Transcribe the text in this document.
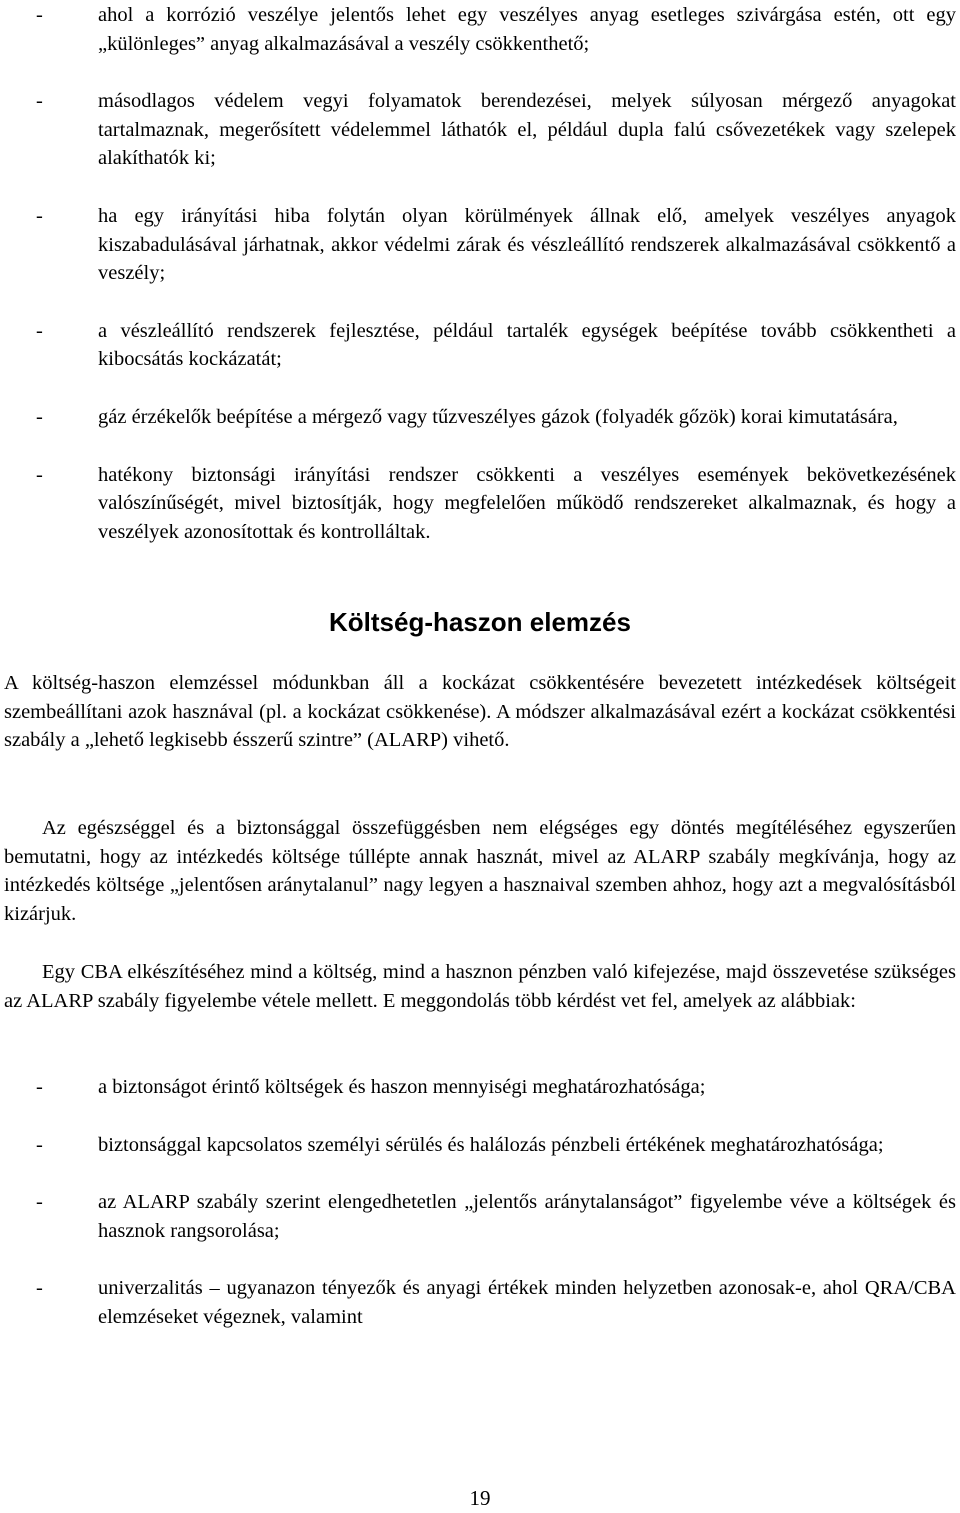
-	ahol a korrózió veszélye jelentős lehet egy veszélyes anyag esetleges szivárgása estén, ott egy „különleges” anyag alkalmazásával a veszély csökkenthető;
-	másodlagos védelem vegyi folyamatok berendezései, melyek súlyosan mérgező anyagokat tartalmaznak, megerősített védelemmel láthatók el, például dupla falú csővezetékek vagy szelepek alakíthatók ki;
-	ha egy irányítási hiba folytán olyan körülmények állnak elő, amelyek veszélyes anyagok kiszabadulásával járhatnak, akkor védelmi zárak és vészleállító rendszerek alkalmazásával csökkentő a veszély;
-	a vészleállító rendszerek fejlesztése, például tartalék egységek beépítése tovább csökkentheti a kibocsátás kockázatát;
-	gáz érzékelők beépítése a mérgező vagy tűzveszélyes gázok (folyadék gőzök) korai kimutatására,
-	hatékony biztonsági irányítási rendszer csökkenti a veszélyes események bekövetkezésének valószínűségét, mivel biztosítják, hogy megfelelően működő rendszereket alkalmaznak, és hogy a veszélyek azonosítottak és kontrolláltak.
Költség-haszon elemzés

A költség-haszon elemzéssel módunkban áll a kockázat csökkentésére bevezetett intézkedések költségeit szembeállítani azok hasznával (pl. a kockázat csökkenése). A módszer alkalmazásával ezért a kockázat csökkentési szabály a „lehető legkisebb ésszerű szintre” (ALARP) vihető.

Az egészséggel és a biztonsággal összefüggésben nem elégséges egy döntés megítéléséhez egyszerűen bemutatni, hogy az intézkedés költsége túllépte annak hasznát, mivel az ALARP szabály megkívánja, hogy az intézkedés költsége „jelentősen aránytalanul” nagy legyen a hasznaival szemben ahhoz, hogy azt a megvalósításból kizárjuk.

Egy CBA elkészítéséhez mind a költség, mind a hasznon pénzben való kifejezése, majd összevetése szükséges az ALARP szabály figyelembe vétele mellett. E meggondolás több kérdést vet fel, amelyek az alábbiak:

-	a biztonságot érintő költségek és haszon mennyiségi meghatározhatósága;
-	biztonsággal kapcsolatos személyi sérülés és halálozás pénzbeli értékének meghatározhatósága;
-	az ALARP szabály szerint elengedhetetlen „jelentős aránytalanságot” figyelembe véve a költségek és hasznok rangsorolása;
-	univerzalitás – ugyanazon tényezők és anyagi értékek minden helyzetben azonosak-e, ahol QRA/CBA elemzéseket végeznek, valamint
19
